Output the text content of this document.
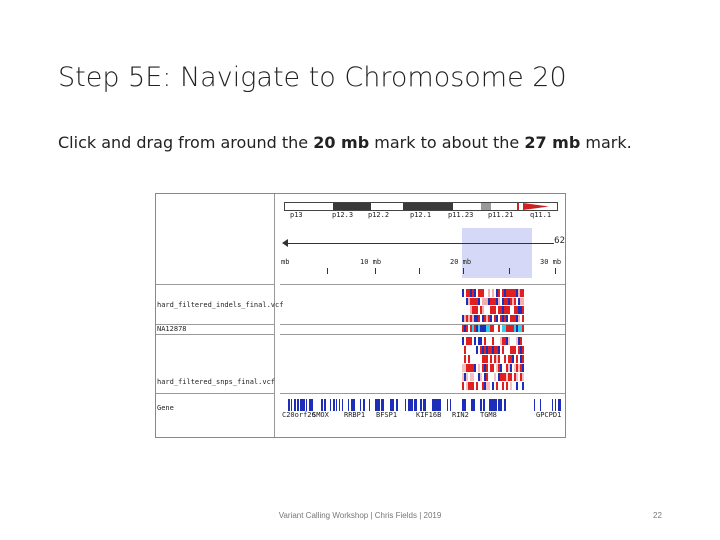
Step 5E: Navigate to Chromosome 20
Click and drag from around the 20 mb mark to about the 27 mb mark.
hard_filtered_indels_final.vcf
NA12878
hard_filtered_snps_final.vcf
Gene
p13	p12.3 p12.2	p12.1 p11.23 p11.21 q11.1
62
mb	10 mb	20 mb	30 mb
C20orf26
SMOX RRBP1 BFSP1	KIF16B RIN2 TGM8	GPCPD1
Variant Calling Workshop | Chris Fields | 2019	22
